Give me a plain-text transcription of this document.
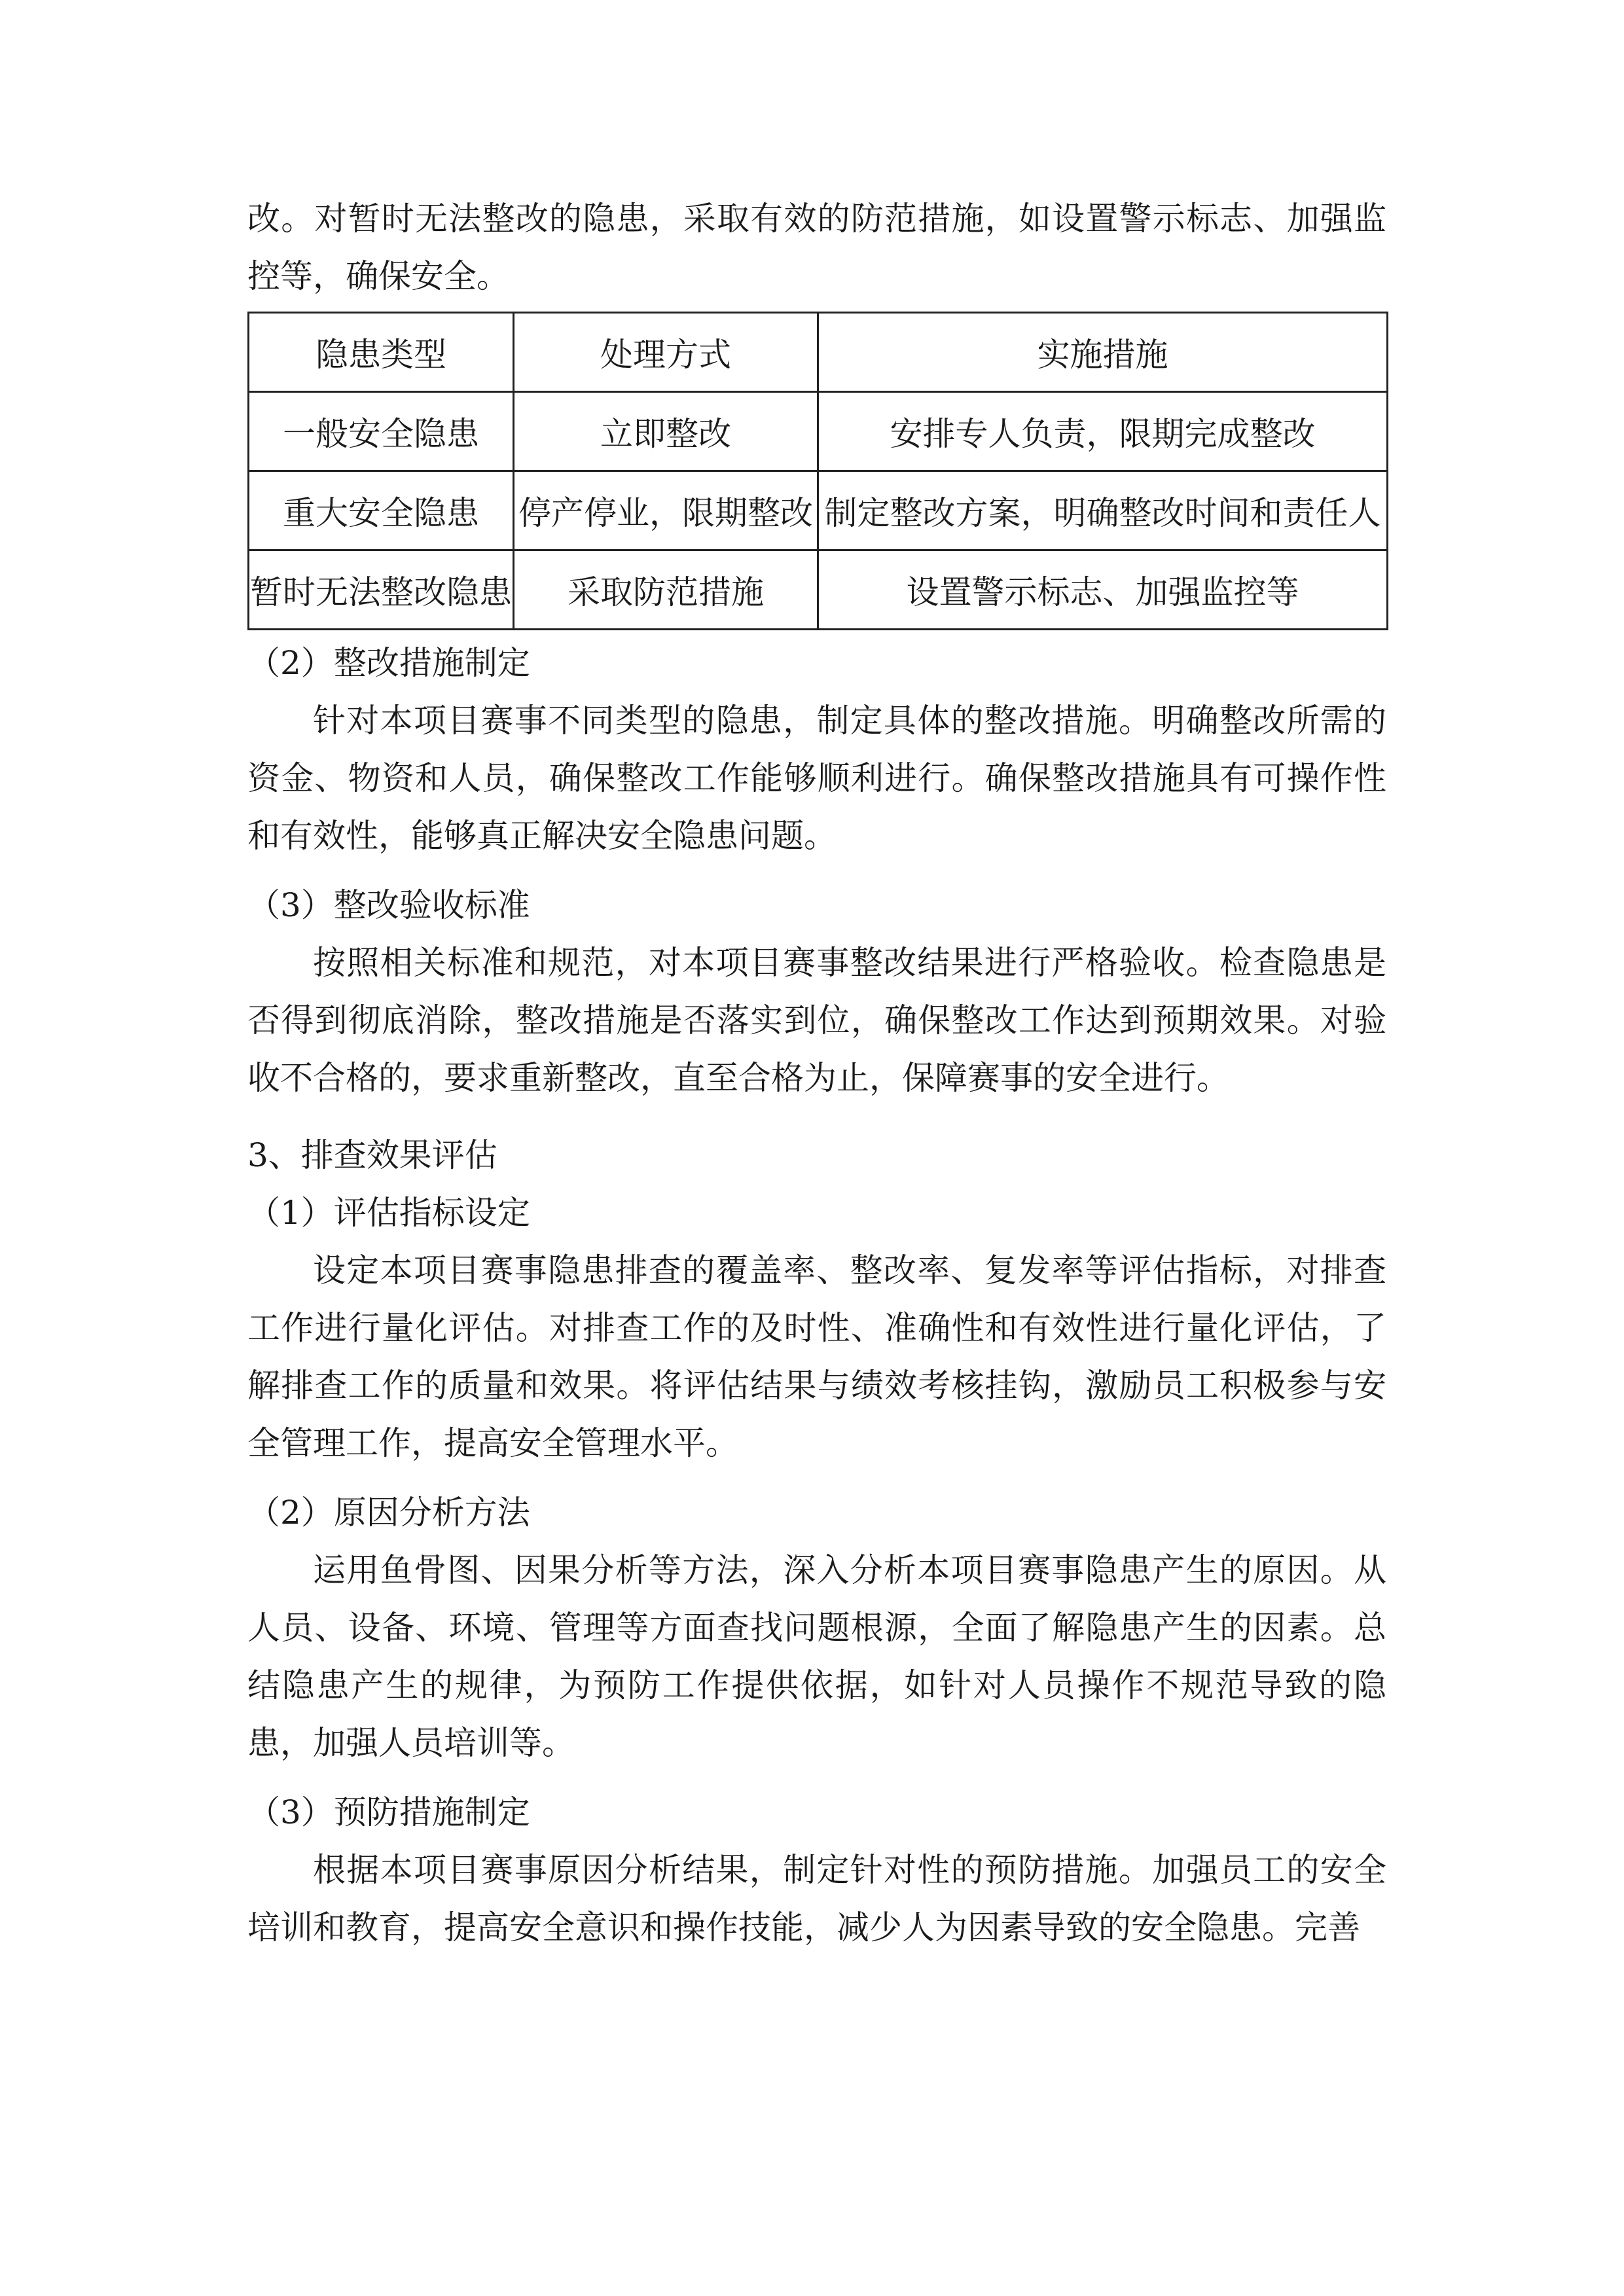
改。对暂时无法整改的隐患，采取有效的防范措施，如设置警示标志、加强监控等，确保安全。

隐患类型	处理方式	实施措施
一般安全隐患	立即整改	安排专人负责，限期完成整改
重大安全隐患	停产停业，限期整改	制定整改方案，明确整改时间和责任人
暂时无法整改隐患	采取防范措施	设置警示标志、加强监控等

（2）整改措施制定

针对本项目赛事不同类型的隐患，制定具体的整改措施。明确整改所需的资金、物资和人员，确保整改工作能够顺利进行。确保整改措施具有可操作性和有效性，能够真正解决安全隐患问题。

（3）整改验收标准

按照相关标准和规范，对本项目赛事整改结果进行严格验收。检查隐患是否得到彻底消除，整改措施是否落实到位，确保整改工作达到预期效果。对验收不合格的，要求重新整改，直至合格为止，保障赛事的安全进行。

3、排查效果评估

（1）评估指标设定

设定本项目赛事隐患排查的覆盖率、整改率、复发率等评估指标，对排查工作进行量化评估。对排查工作的及时性、准确性和有效性进行量化评估，了解排查工作的质量和效果。将评估结果与绩效考核挂钩，激励员工积极参与安全管理工作，提高安全管理水平。

（2）原因分析方法

运用鱼骨图、因果分析等方法，深入分析本项目赛事隐患产生的原因。从人员、设备、环境、管理等方面查找问题根源，全面了解隐患产生的因素。总结隐患产生的规律，为预防工作提供依据，如针对人员操作不规范导致的隐患，加强人员培训等。

（3）预防措施制定

根据本项目赛事原因分析结果，制定针对性的预防措施。加强员工的安全培训和教育，提高安全意识和操作技能，减少人为因素导致的安全隐患。完善
